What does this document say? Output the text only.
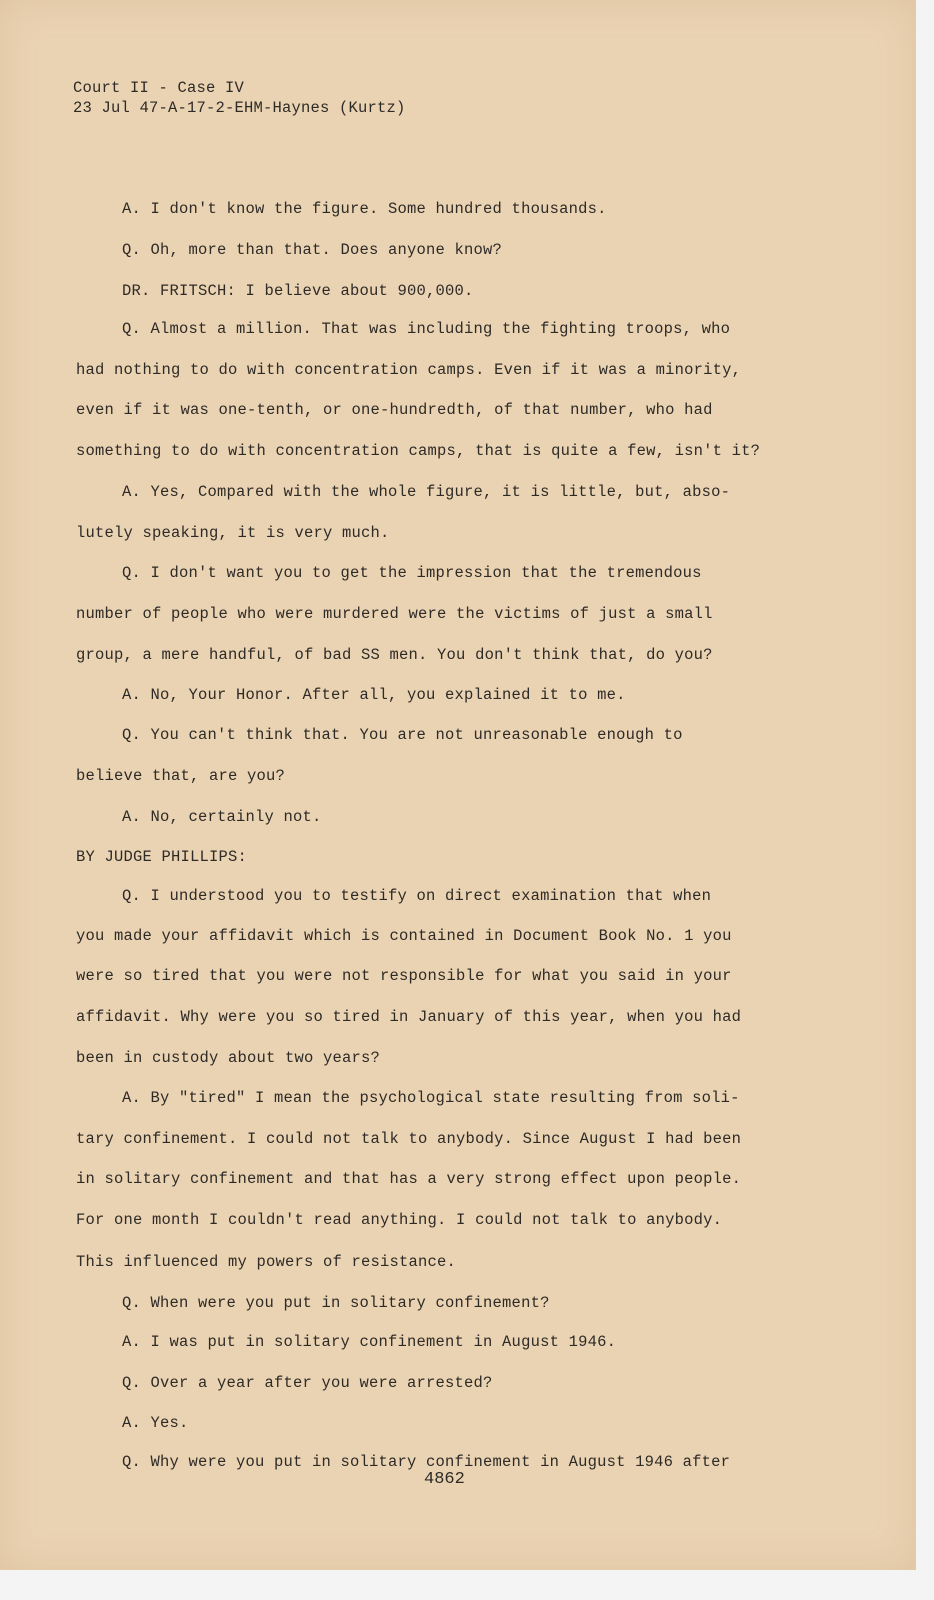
Court II - Case IV
23 Jul 47-A-17-2-EHM-Haynes (Kurtz)
A. I don't know the figure. Some hundred thousands.
Q. Oh, more than that. Does anyone know?
DR. FRITSCH: I believe about 900,000.
Q. Almost a million. That was including the fighting troops, who
had nothing to do with concentration camps. Even if it was a minority,
even if it was one-tenth, or one-hundredth, of that number, who had
something to do with concentration camps, that is quite a few, isn't it?
A. Yes, Compared with the whole figure, it is little, but, abso-
lutely speaking, it is very much.
Q. I don't want you to get the impression that the tremendous
number of people who were murdered were the victims of just a small
group, a mere handful, of bad SS men. You don't think that, do you?
A. No, Your Honor. After all, you explained it to me.
Q. You can't think that. You are not unreasonable enough to
believe that, are you?
A. No, certainly not.
BY JUDGE PHILLIPS:
Q. I understood you to testify on direct examination that when
you made your affidavit which is contained in Document Book No. 1 you
were so tired that you were not responsible for what you said in your
affidavit. Why were you so tired in January of this year, when you had
been in custody about two years?
A. By "tired" I mean the psychological state resulting from soli-
tary confinement. I could not talk to anybody. Since August I had been
in solitary confinement and that has a very strong effect upon people.
For one month I couldn't read anything. I could not talk to anybody.
This influenced my powers of resistance.
Q. When were you put in solitary confinement?
A. I was put in solitary confinement in August 1946.
Q. Over a year after you were arrested?
A. Yes.
Q. Why were you put in solitary confinement in August 1946 after
4862
